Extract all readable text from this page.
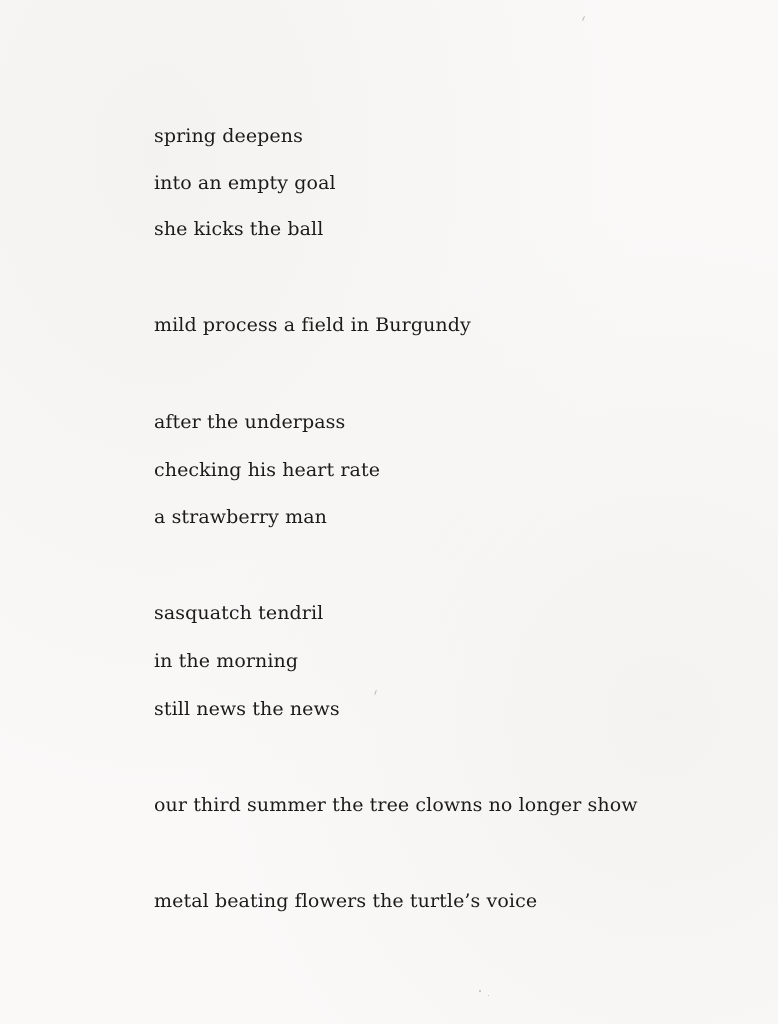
spring deepens

into an empty goal

she kicks the ball

mild process a field in Burgundy

after the underpass

checking his heart rate

a strawberry man

sasquatch tendril

in the morning

still news the news

our third summer the tree clowns no longer show

metal beating flowers the turtle’s voice
